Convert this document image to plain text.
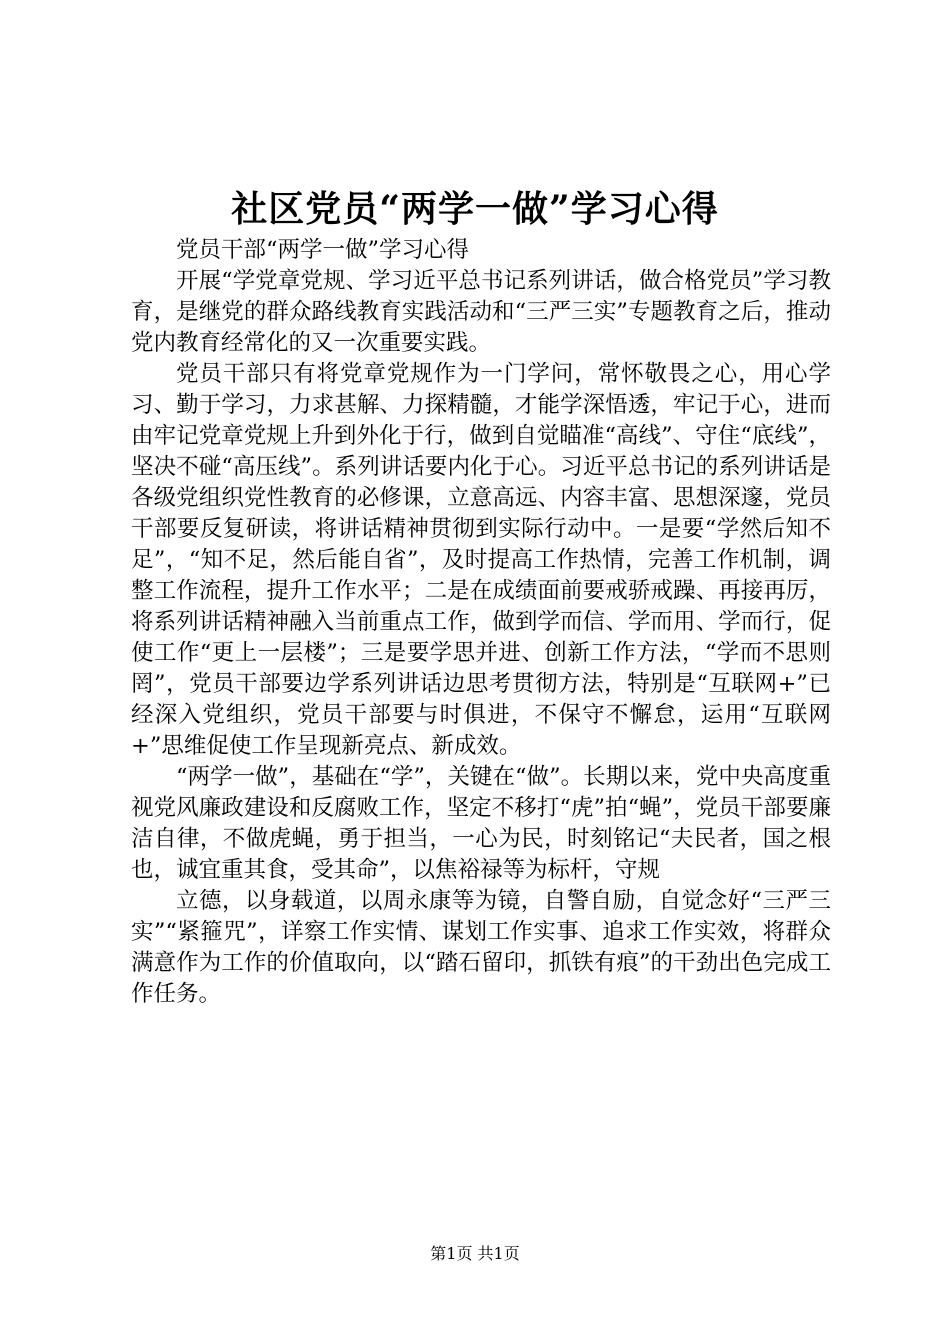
社区党员“两学一做”学习心得

党员干部“两学一做”学习心得

开展“学党章党规、学习近平总书记系列讲话，做合格党员”学习教育，是继党的群众路线教育实践活动和“三严三实”专题教育之后，推动党内教育经常化的又一次重要实践。

党员干部只有将党章党规作为一门学问，常怀敬畏之心，用心学习、勤于学习，力求甚解、力探精髓，才能学深悟透，牢记于心，进而由牢记党章党规上升到外化于行，做到自觉瞄准“高线”、守住“底线”，坚决不碰“高压线”。系列讲话要内化于心。习近平总书记的系列讲话是各级党组织党性教育的必修课，立意高远、内容丰富、思想深邃，党员干部要反复研读，将讲话精神贯彻到实际行动中。一是要“学然后知不足”，“知不足，然后能自省”，及时提高工作热情，完善工作机制，调整工作流程，提升工作水平；二是在成绩面前要戒骄戒躁、再接再厉，将系列讲话精神融入当前重点工作，做到学而信、学而用、学而行，促使工作“更上一层楼”；三是要学思并进、创新工作方法，“学而不思则罔”，党员干部要边学系列讲话边思考贯彻方法，特别是“互联网+”已经深入党组织，党员干部要与时俱进，不保守不懈怠，运用“互联网+”思维促使工作呈现新亮点、新成效。

“两学一做”，基础在“学”，关键在“做”。长期以来，党中央高度重视党风廉政建设和反腐败工作，坚定不移打“虎”拍“蝇”，党员干部要廉洁自律，不做虎蝇，勇于担当，一心为民，时刻铭记“夫民者，国之根也，诚宜重其食，受其命”，以焦裕禄等为标杆，守规

立德，以身载道，以周永康等为镜，自警自励，自觉念好“三严三实”“紧箍咒”，详察工作实情、谋划工作实事、追求工作实效，将群众满意作为工作的价值取向，以“踏石留印，抓铁有痕”的干劲出色完成工作任务。

第1页 共1页
